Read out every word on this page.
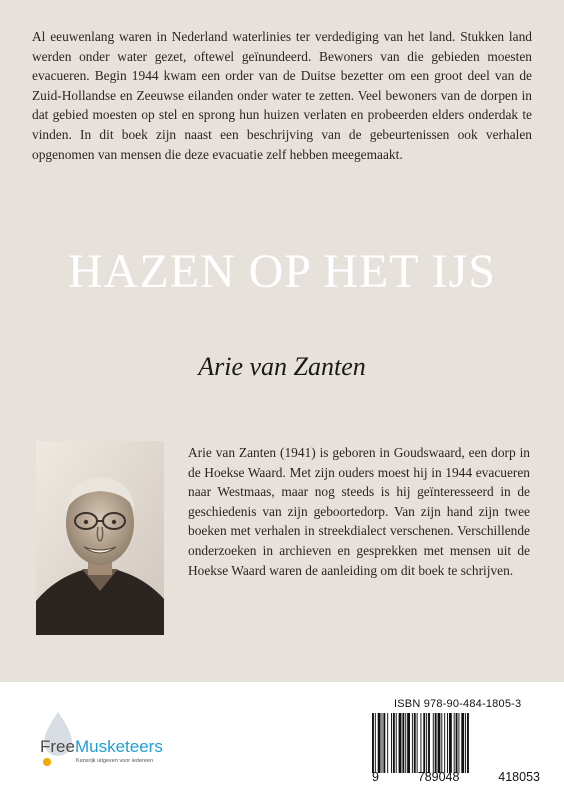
Al eeuwenlang waren in Nederland waterlinies ter verdediging van het land. Stukken land werden onder water gezet, oftewel geïnundeerd. Bewoners van die gebieden moesten evacueren. Begin 1944 kwam een order van de Duitse bezetter om een groot deel van de Zuid-Hollandse en Zeeuwse eilanden onder water te zetten. Veel bewoners van de dorpen in dat gebied moesten op stel en sprong hun huizen verlaten en probeerden elders onderdak te vinden. In dit boek zijn naast een beschrijving van de gebeurtenissen ook verhalen opgenomen van mensen die deze evacuatie zelf hebben meegemaakt.

HAZEN OP HET IJS

Arie van Zanten

Arie van Zanten (1941) is geboren in Goudswaard, een dorp in de Hoekse Waard. Met zijn ouders moest hij in 1944 evacueren naar Westmaas, maar nog steeds is hij geïnteresseerd in de geschiedenis van zijn geboortedorp. Van zijn hand zijn twee boeken met verhalen in streekdialect verschenen. Verschillende onderzoeken in archieven en gesprekken met mensen uit de Hoekse Waard waren de aanleiding om dit boek te schrijven.

FreeMusketeers
Kansrijk uitgeven voor iedereen
ISBN 978-90-484-1805-3
9	789048	418053
